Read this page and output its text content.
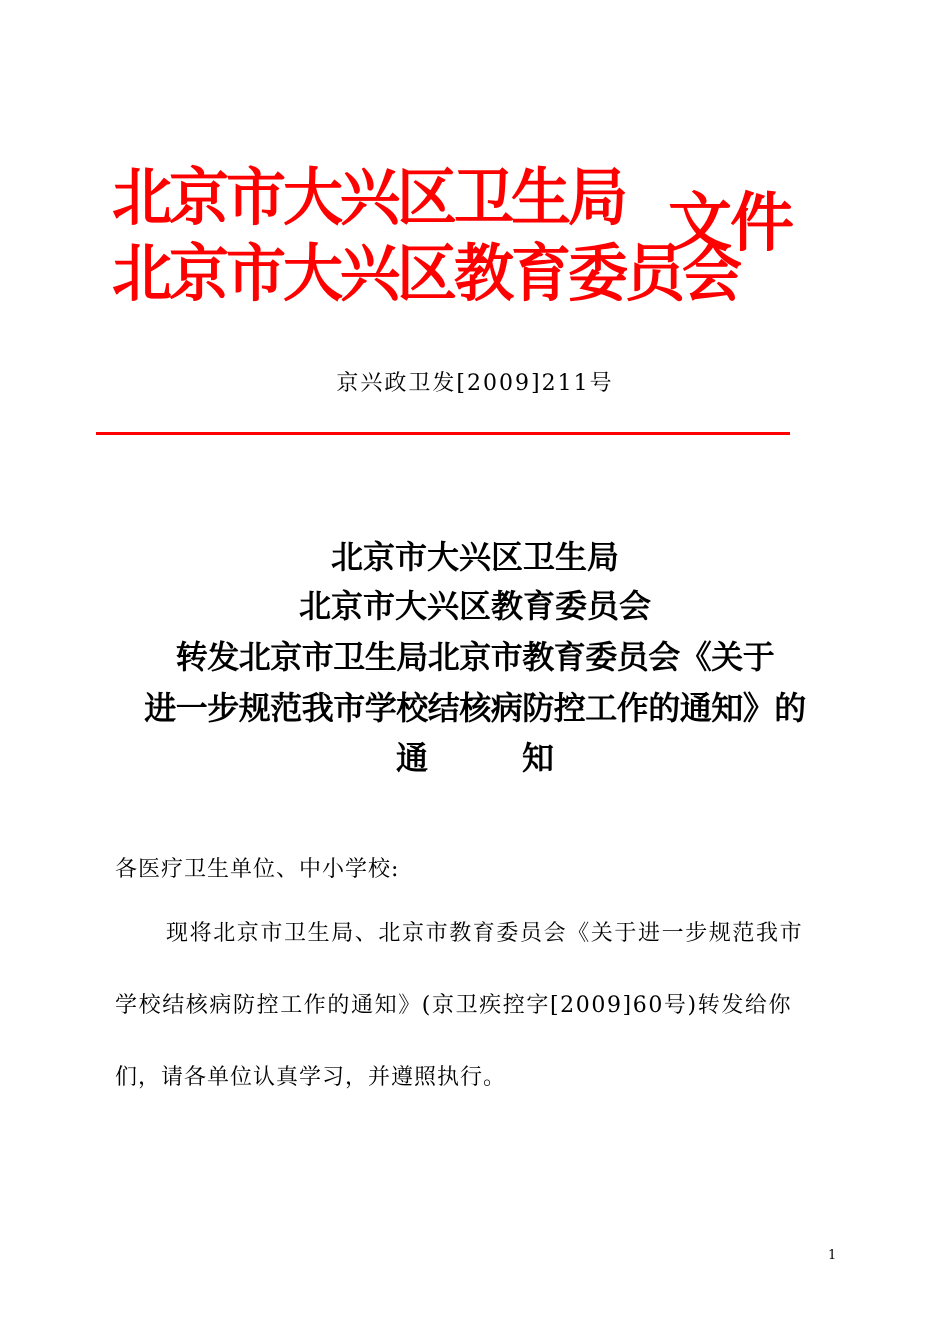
北京市大兴区卫生局
北京市大兴区教育委员会
文件
京兴政卫发[2009]211号
北京市大兴区卫生局
北京市大兴区教育委员会
转发北京市卫生局北京市教育委员会《关于
进一步规范我市学校结核病防控工作的通知》的
通	知
各医疗卫生单位、中小学校:
现将北京市卫生局、北京市教育委员会《关于进一步规范我市
学校结核病防控工作的通知》(京卫疾控字[2009]60号)转发给你
们，请各单位认真学习，并遵照执行。
1
